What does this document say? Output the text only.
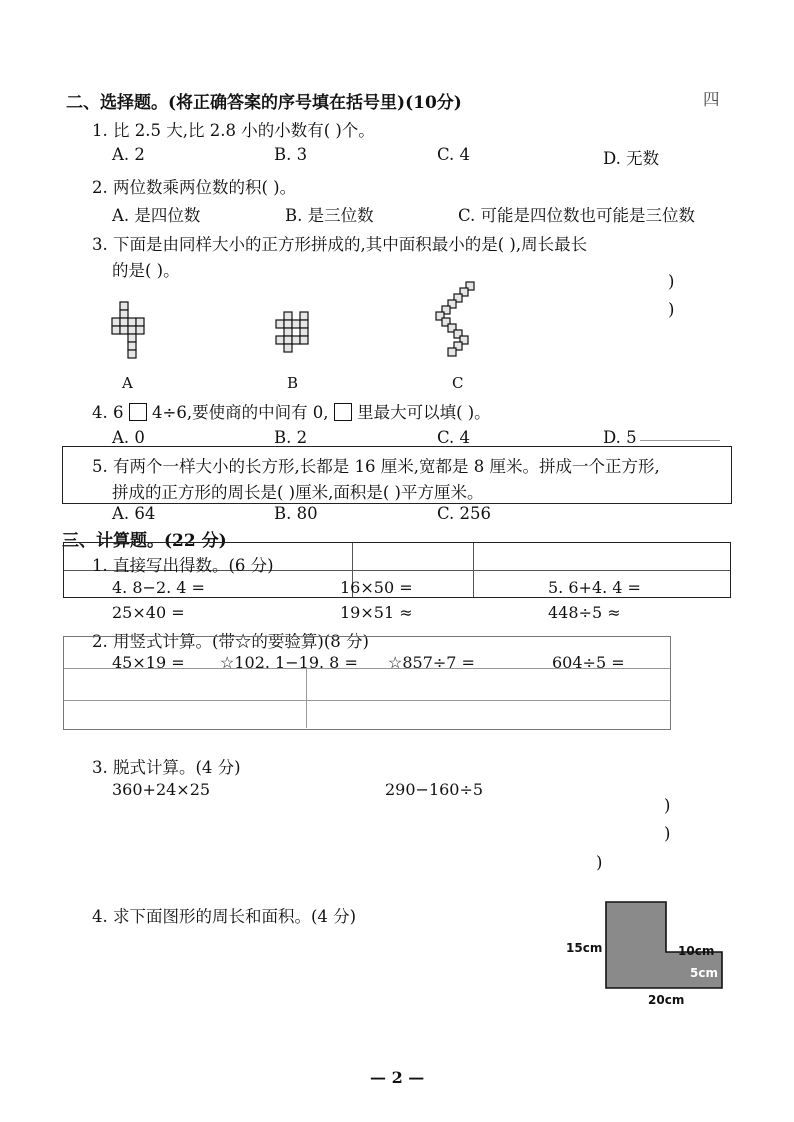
二、选择题。(将正确答案的序号填在括号里)(10分)	四
1. 比 2.5 大,比 2.8 小的小数有( )个。
A. 2	B. 3	C. 4	D. 无数
2. 两位数乘两位数的积( )。
A. 是四位数	B. 是三位数	C. 可能是四位数也可能是三位数
3. 下面是由同样大小的正方形拼成的,其中面积最小的是( ),周长最长
的是( )。
A	B	C
)
)
4. 6 4÷6,要使商的中间有 0, 里最大可以填( )。
A. 0	B. 2	C. 4	D. 5
5. 有两个一样大小的长方形,长都是 16 厘米,宽都是 8 厘米。拼成一个正方形,
拼成的正方形的周长是( )厘米,面积是( )平方厘米。
A. 64	B. 80	C. 256
三、计算题。(22 分)
1. 直接写出得数。(6 分)
4. 8−2. 4 =	16×50 =	5. 6+4. 4 =
25×40 =	19×51 ≈	448÷5 ≈
2. 用竖式计算。(带☆的要验算)(8 分)
45×19 = ☆102. 1−19. 8 = ☆857÷7 =	604÷5 =
3. 脱式计算。(4 分)
360+24×25	290−160÷5
)
)
)
4. 求下面图形的周长和面积。(4 分)
15cm	10cm
5cm
20cm
— 2 —
